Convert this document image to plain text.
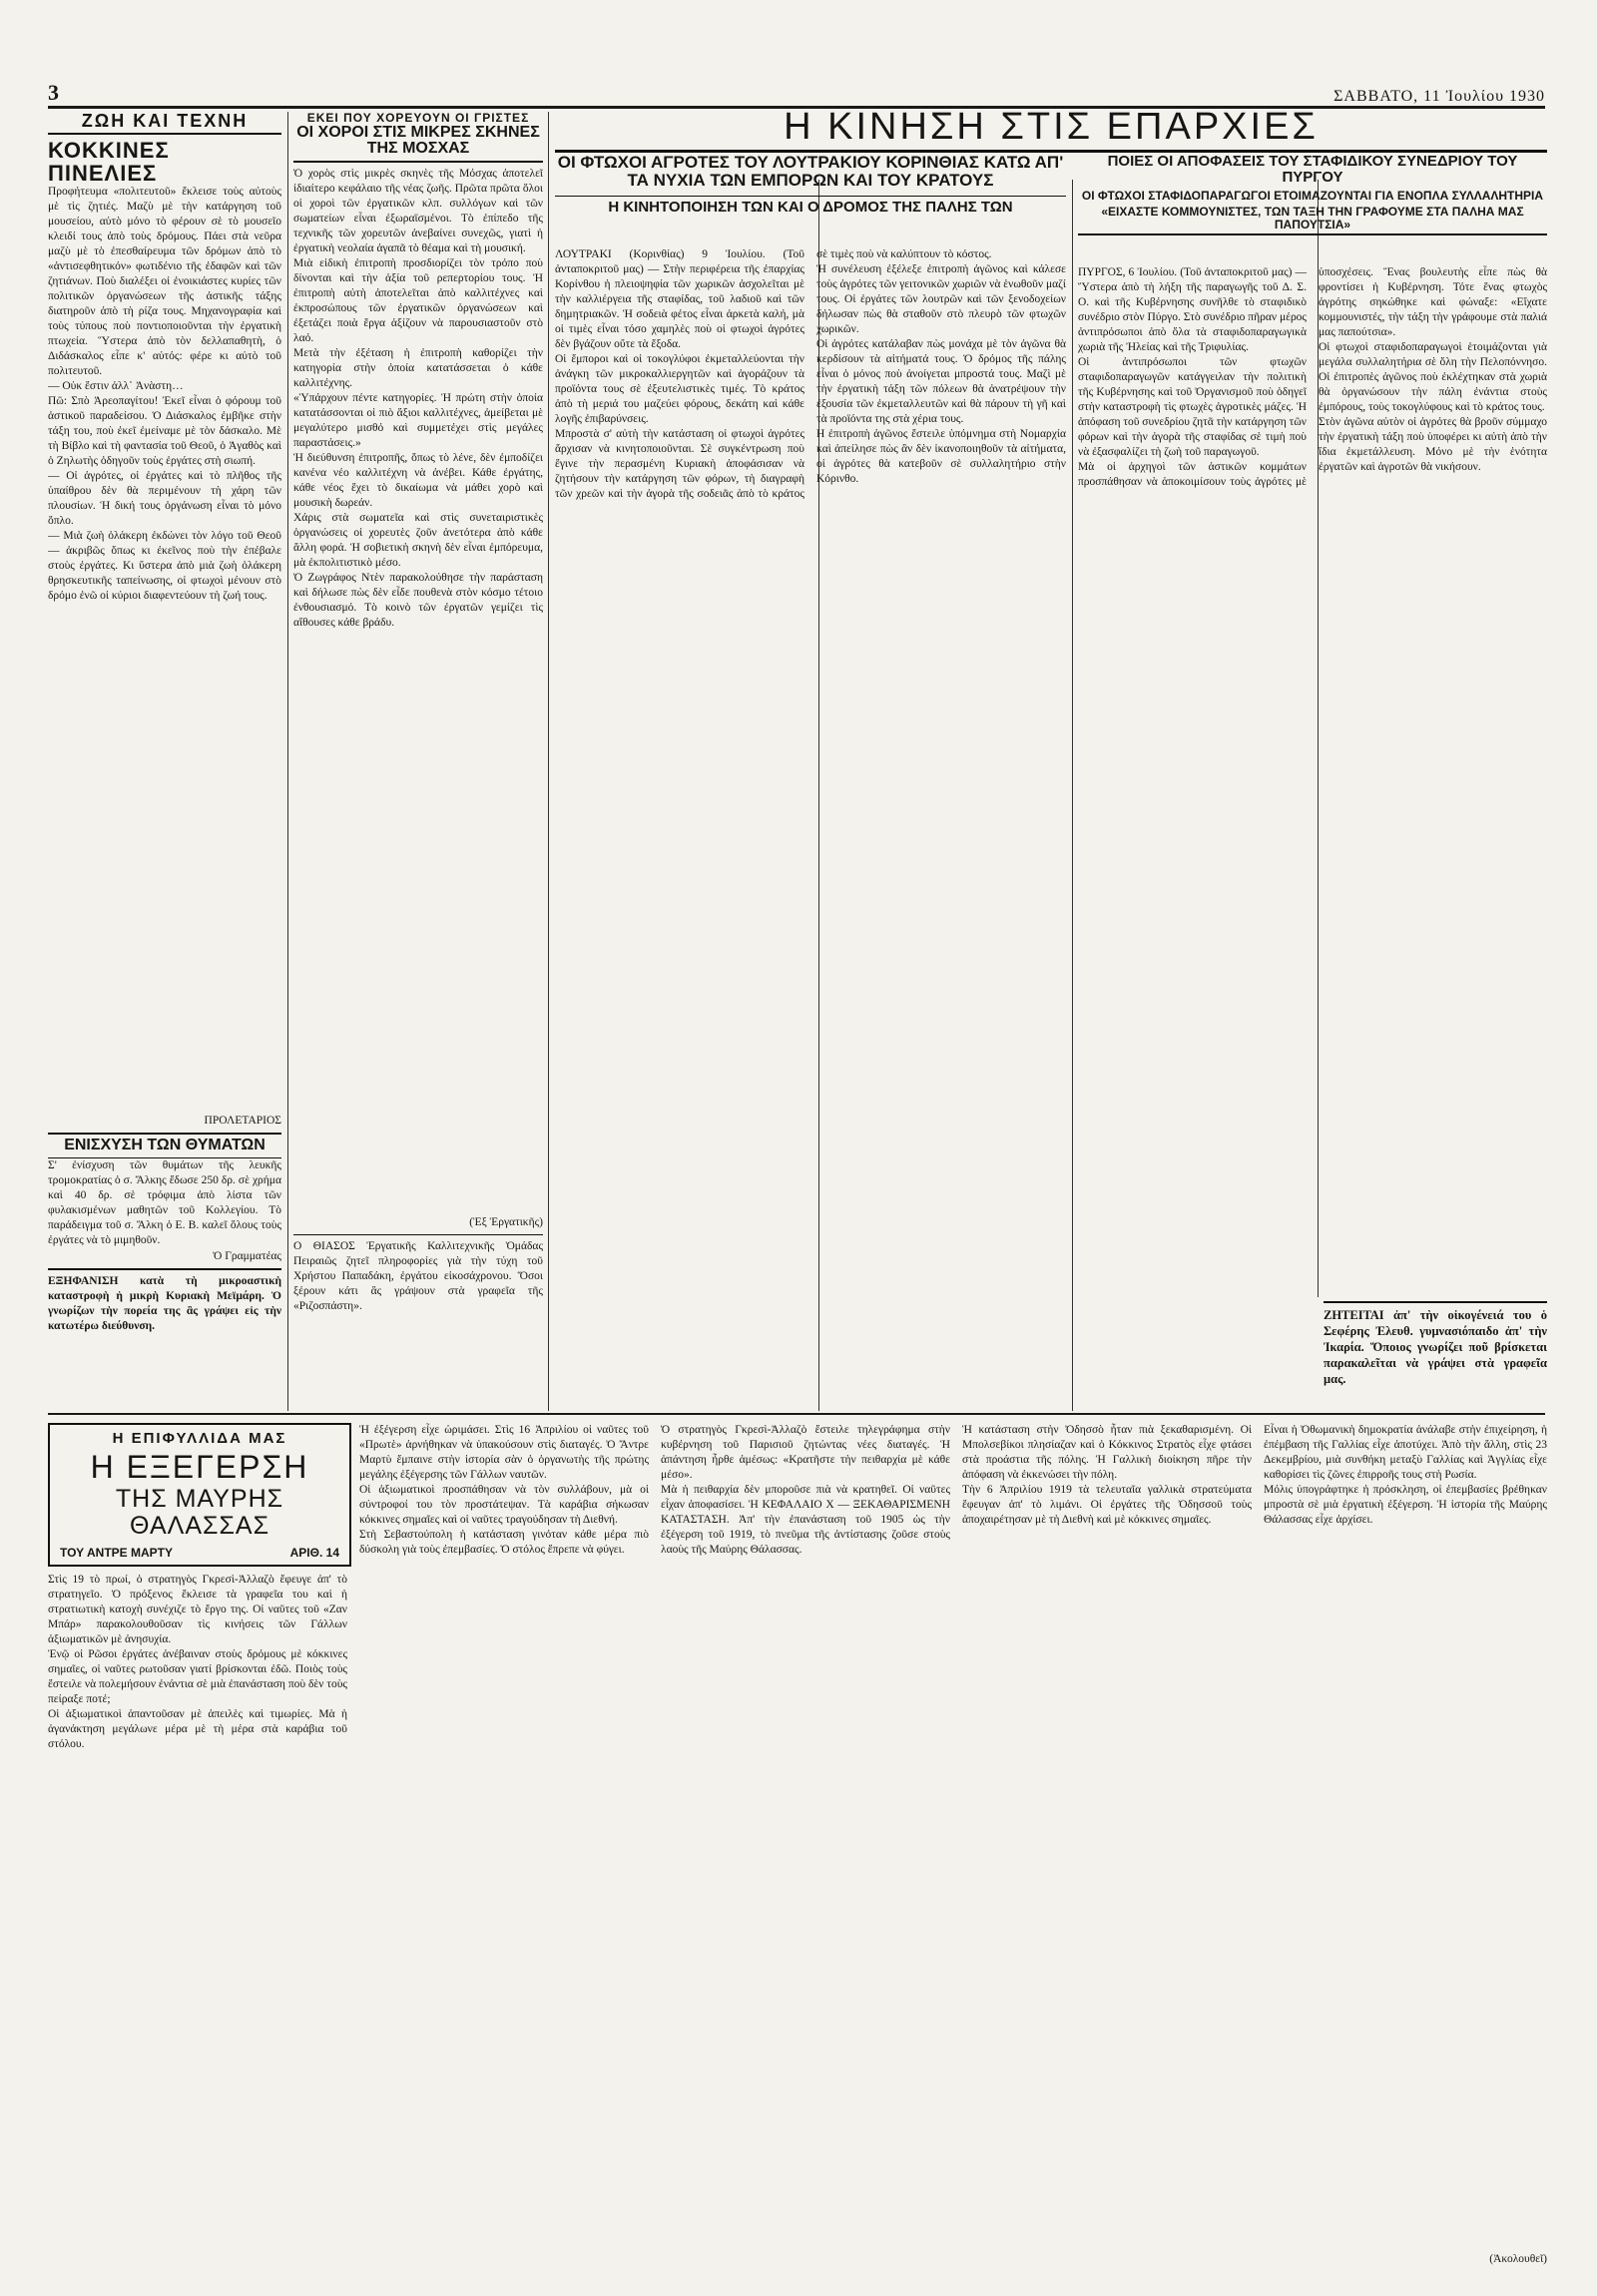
3	ΣΑΒΒΑΤΟ, 11 Ἰουλίου 1930
ΖΩΗ ΚΑΙ ΤΕΧΝΗ
ΚΟΚΚΙΝΕΣ ΠΙΝΕΛΙΕΣ

Προφήτευμα «πολιτευτοῦ» ἔκλεισε τοὺς αὐτοὺς μὲ τὶς ζητιές. Μαζὺ μὲ τὴν κατάργηση τοῦ μουσείου, αὐτὸ μόνο τὸ φέρουν σὲ τὸ μουσεῖο κλειδί τους ἀπὸ τοὺς δρόμους. Πάει στὰ νεῦρα μαζὺ μὲ τὸ ἐπεσθαίρευμα τῶν δρόμων ἀπὸ τὸ «ἀντισεφθητικόν» φωτιδένιο τῆς ἐδαφῶν καὶ τῶν ζητιάνων. Ποὺ διαλέξει οἱ ἐνοικιάστες κυρίες τῶν πολιτικῶν ὀργανώσεων τῆς ἀστικῆς τάξης διατηροῦν ἀπὸ τὴ ρίζα τους. Μηχανογραφία καὶ τοὺς τύπους ποὺ ποντιοποιοῦνται τὴν ἐργατικὴ πτωχεία. Ὕστερα ἀπὸ τὸν δελλαπαθητὴ, ὁ Διδάσκαλος εἶπε κ' αὐτός: φέρε κι αὐτὸ τοῦ πολιτευτοῦ.
— Οὐκ ἔστιν ἀλλ᾽ Ἀνὰστη…
Πῶ: Σπὸ Ἀρεοπαγίτου! Ἐκεῖ εἶναι ὁ φόρουμ τοῦ ἀστικοῦ παραδείσου. Ὁ Διάσκαλος ἐμβῆκε στὴν τάξη του, ποὺ ἐκεῖ ἐμείναμε μὲ τὸν δάσκαλο. Μὲ τὴ Βίβλο καὶ τὴ φαντασία τοῦ Θεοῦ, ὁ Ἀγαθὸς καὶ ὁ Ζηλωτὴς ὁδηγοῦν τοὺς ἐργάτες στὴ σιωπή.
— Οἱ ἀγρότες, οἱ ἐργάτες καὶ τὸ πλῆθος τῆς ὑπαίθρου δὲν θὰ περιμένουν τὴ χάρη τῶν πλουσίων. Ἡ δική τους ὀργάνωση εἶναι τὸ μόνο ὅπλο.
— Μιὰ ζωὴ ὁλάκερη ἐκδώνει τὸν λόγο τοῦ Θεοῦ — ἀκριβῶς ὅπως κι ἐκεῖνος ποὺ τὴν ἐπέβαλε στοὺς ἐργάτες. Κι ὕστερα ἀπὸ μιὰ ζωὴ ὁλάκερη θρησκευτικῆς ταπείνωσης, οἱ φτωχοὶ μένουν στὸ δρόμο ἐνῶ οἱ κύριοι διαφεντεύουν τὴ ζωή τους.

ΠΡΟΛΕΤΑΡΙΟΣ

ΕΝΙΣΧΥΣΗ ΤΩΝ ΘΥΜΑΤΩΝ

Σ' ἐνίσχυση τῶν θυμάτων τῆς λευκῆς τρομοκρατίας ὁ σ. Ἄλκης ἔδωσε 250 δρ. σὲ χρήμα καὶ 40 δρ. σὲ τρόφιμα ἀπὸ λίστα τῶν φυλακισμένων μαθητῶν τοῦ Κολλεγίου. Τὸ παράδειγμα τοῦ σ. Ἄλκη ὁ Ε. Β. καλεῖ ὅλους τοὺς ἐργάτες νὰ τὸ μιμηθοῦν.

Ὁ Γραμματέας

ΕΞΗΦΑΝΙΣΗ κατὰ τὴ μικροαστικὴ καταστροφὴ ἡ μικρὴ Κυριακὴ Μεϊμάρη. Ὁ γνωρίζων τὴν πορεία της ἃς γράψει εἰς τὴν κατωτέρω διεύθυνση.

ΕΚΕΙ ΠΟΥ ΧΟΡΕΥΟΥΝ ΟΙ ΓΡΙΣΤΕΣ

ΟΙ ΧΟΡΟΙ ΣΤΙΣ ΜΙΚΡΕΣ ΣΚΗΝΕΣ ΤΗΣ ΜΟΣΧΑΣ

Ὁ χορὸς στὶς μικρὲς σκηνὲς τῆς Μόσχας ἀποτελεῖ ἰδιαίτερο κεφάλαιο τῆς νέας ζωῆς. Πρῶτα πρῶτα ὅλοι οἱ χοροὶ τῶν ἐργατικῶν κλπ. συλλόγων καὶ τῶν σωματείων εἶναι ἐξωραϊσμένοι. Τὸ ἐπίπεδο τῆς τεχνικῆς τῶν χορευτῶν ἀνεβαίνει συνεχῶς, γιατὶ ἡ ἐργατικὴ νεολαία ἀγαπᾶ τὸ θέαμα καὶ τὴ μουσική.
Μιὰ εἰδικὴ ἐπιτροπὴ προσδιορίζει τὸν τρόπο ποὺ δίνονται καὶ τὴν ἀξία τοῦ ρεπερτορίου τους. Ἡ ἐπιτροπὴ αὐτὴ ἀποτελεῖται ἀπὸ καλλιτέχνες καὶ ἐκπροσώπους τῶν ἐργατικῶν ὀργανώσεων καὶ ἐξετάζει ποιὰ ἔργα ἀξίζουν νὰ παρουσιαστοῦν στὸ λαό.
Μετὰ τὴν ἐξέταση ἡ ἐπιτροπὴ καθορίζει τὴν κατηγορία στὴν ὁποία κατατάσσεται ὁ κάθε καλλιτέχνης.
«Ὑπάρχουν πέντε κατηγορίες. Ἡ πρώτη στὴν ὁποία κατατάσσονται οἱ πιὸ ἄξιοι καλλιτέχνες, ἀμείβεται μὲ μεγαλύτερο μισθό καὶ συμμετέχει στὶς μεγάλες παραστάσεις.»
Ἡ διεύθυνση ἐπιτροπῆς, ὅπως τὸ λένε, δὲν ἐμποδίζει κανένα νέο καλλιτέχνη νὰ ἀνέβει. Κάθε ἐργάτης, κάθε νέος ἔχει τὸ δικαίωμα νὰ μάθει χορὸ καὶ μουσικὴ δωρεάν.
Χάρις στὰ σωματεῖα καὶ στὶς συνεταιριστικὲς ὀργανώσεις οἱ χορευτὲς ζοῦν ἀνετότερα ἀπὸ κάθε ἄλλη φορά. Ἡ σοβιετικὴ σκηνὴ δὲν εἶναι ἐμπόρευμα, μὰ ἐκπολιτιστικὸ μέσο.
Ὁ Ζωγράφος Ντὲν παρακολούθησε τὴν παράσταση καὶ δήλωσε πὼς δὲν εἶδε πουθενὰ στὸν κόσμο τέτοιο ἐνθουσιασμό. Τὸ κοινὸ τῶν ἐργατῶν γεμίζει τὶς αἴθουσες κάθε βράδυ.

(Ἐξ Ἐργατικῆς)

Ο ΘΙΑΣΟΣ Ἐργατικῆς Καλλιτεχνικῆς Ὁμάδας Πειραιῶς ζητεῖ πληροφορίες γιὰ τὴν τύχη τοῦ Χρήστου Παπαδάκη, ἐργάτου εἰκοσάχρονου. Ὅσοι ξέρουν κάτι ἂς γράψουν στὰ γραφεῖα τῆς «Ριζοσπάστη».

Η ΚΙΝΗΣΗ ΣΤΙΣ ΕΠΑΡΧΙΕΣ
ΟΙ ΦΤΩΧΟΙ ΑΓΡΟΤΕΣ ΤΟΥ ΛΟΥΤΡΑΚΙΟΥ ΚΟΡΙΝΘΙΑΣ ΚΑΤΩ ΑΠ' ΤΑ ΝΥΧΙΑ ΤΩΝ ΕΜΠΟΡΩΝ ΚΑΙ ΤΟΥ ΚΡΑΤΟΥΣ
Η ΚΙΝΗΤΟΠΟΙΗΣΗ ΤΩΝ ΚΑΙ Ο ΔΡΟΜΟΣ ΤΗΣ ΠΑΛΗΣ ΤΩΝ

ΛΟΥΤΡΑΚΙ (Κορινθίας) 9 Ἰουλίου. (Τοῦ ἀνταποκριτοῦ μας) — Στὴν περιφέρεια τῆς ἐπαρχίας Κορίνθου ἡ πλειοψηφία τῶν χωρικῶν ἀσχολεῖται μὲ τὴν καλλιέργεια τῆς σταφίδας, τοῦ λαδιοῦ καὶ τῶν δημητριακῶν. Ἡ σοδειὰ φέτος εἶναι ἀρκετὰ καλή, μὰ οἱ τιμὲς εἶναι τόσο χαμηλὲς ποὺ οἱ φτωχοὶ ἀγρότες δὲν βγάζουν οὔτε τὰ ἔξοδα.
Οἱ ἔμποροι καὶ οἱ τοκογλύφοι ἐκμεταλλεύονται τὴν ἀνάγκη τῶν μικροκαλλιεργητῶν καὶ ἀγοράζουν τὰ προϊόντα τους σὲ ἐξευτελιστικὲς τιμές. Τὸ κράτος ἀπὸ τὴ μεριά του μαζεύει φόρους, δεκάτη καὶ κάθε λογῆς ἐπιβαρύνσεις.
Μπροστὰ σ' αὐτὴ τὴν κατάσταση οἱ φτωχοὶ ἀγρότες ἄρχισαν νὰ κινητοποιοῦνται. Σὲ συγκέντρωση ποὺ ἔγινε τὴν περασμένη Κυριακὴ ἀποφάσισαν νὰ ζητήσουν τὴν κατάργηση τῶν φόρων, τὴ διαγραφὴ τῶν χρεῶν καὶ τὴν ἀγορὰ τῆς σοδειᾶς ἀπὸ τὸ κράτος σὲ τιμὲς ποὺ νὰ καλύπτουν τὸ κόστος.
Ἡ συνέλευση ἐξέλεξε ἐπιτροπὴ ἀγῶνος καὶ κάλεσε τοὺς ἀγρότες τῶν γειτονικῶν χωριῶν νὰ ἑνωθοῦν μαζί τους. Οἱ ἐργάτες τῶν λουτρῶν καὶ τῶν ξενοδοχείων δήλωσαν πὼς θὰ σταθοῦν στὸ πλευρὸ τῶν φτωχῶν χωρικῶν.
Οἱ ἀγρότες κατάλαβαν πὼς μονάχα μὲ τὸν ἀγῶνα θὰ κερδίσουν τὰ αἰτήματά τους. Ὁ δρόμος τῆς πάλης εἶναι ὁ μόνος ποὺ ἀνοίγεται μπροστά τους. Μαζὶ μὲ τὴν ἐργατικὴ τάξη τῶν πόλεων θὰ ἀνατρέψουν τὴν ἐξουσία τῶν ἐκμεταλλευτῶν καὶ θὰ πάρουν τὴ γῆ καὶ τὰ προϊόντα της στὰ χέρια τους.
Η ἐπιτροπὴ ἀγῶνος ἔστειλε ὑπόμνημα στὴ Νομαρχία καὶ ἀπείλησε πὼς ἂν δὲν ἱκανοποιηθοῦν τὰ αἰτήματα, οἱ ἀγρότες θὰ κατεβοῦν σὲ συλλαλητήριο στὴν Κόρινθο.

ΠΟΙΕΣ ΟΙ ΑΠΟΦΑΣΕΙΣ ΤΟΥ ΣΤΑΦΙΔΙΚΟΥ ΣΥΝΕΔΡΙΟΥ ΤΟΥ ΠΥΡΓΟΥ
ΟΙ ΦΤΩΧΟΙ ΣΤΑΦΙΔΟΠΑΡΑΓΩΓΟΙ ΕΤΟΙΜΑΖΟΥΝΤΑΙ ΓΙΑ ΕΝΟΠΛΑ ΣΥΛΛΑΛΗΤΗΡΙΑ

«ΕΙΧΑΣΤΕ ΚΟΜΜΟΥΝΙΣΤΕΣ, ΤΩΝ ΤΑΞΗ ΤΗΝ ΓΡΑΦΟΥΜΕ ΣΤΑ ΠΑΛΗΑ ΜΑΣ ΠΑΠΟΥΤΣΙΑ»

ΠΥΡΓΟΣ, 6 Ἰουλίου. (Τοῦ ἀνταποκριτοῦ μας) — Ὕστερα ἀπὸ τὴ λήξη τῆς παραγωγῆς τοῦ Δ. Σ. Ο. καὶ τῆς Κυβέρνησης συνῆλθε τὸ σταφιδικὸ συνέδριο στὸν Πύργο. Στὸ συνέδριο πῆραν μέρος ἀντιπρόσωποι ἀπὸ ὅλα τὰ σταφιδοπαραγωγικὰ χωριὰ τῆς Ἠλείας καὶ τῆς Τριφυλίας.
Οἱ ἀντιπρόσωποι τῶν φτωχῶν σταφιδοπαραγωγῶν κατάγγειλαν τὴν πολιτικὴ τῆς Κυβέρνησης καὶ τοῦ Ὀργανισμοῦ ποὺ ὁδηγεῖ στὴν καταστροφὴ τὶς φτωχὲς ἀγροτικὲς μάζες. Ἡ ἀπόφαση τοῦ συνεδρίου ζητᾶ τὴν κατάργηση τῶν φόρων καὶ τὴν ἀγορὰ τῆς σταφίδας σὲ τιμὴ ποὺ νὰ ἐξασφαλίζει τὴ ζωὴ τοῦ παραγωγοῦ.
Μὰ οἱ ἀρχηγοὶ τῶν ἀστικῶν κομμάτων προσπάθησαν νὰ ἀποκοιμίσουν τοὺς ἀγρότες μὲ ὑποσχέσεις. Ἕνας βουλευτὴς εἶπε πὼς θὰ φροντίσει ἡ Κυβέρνηση. Τότε ἕνας φτωχὸς ἀγρότης σηκώθηκε καὶ φώναξε: «Εἴχατε κομμουνιστές, τὴν τάξη τὴν γράφουμε στὰ παλιά μας παπούτσια».
Οἱ φτωχοὶ σταφιδοπαραγωγοὶ ἑτοιμάζονται γιὰ μεγάλα συλλαλητήρια σὲ ὅλη τὴν Πελοπόννησο. Οἱ ἐπιτροπὲς ἀγῶνος ποὺ ἐκλέχτηκαν στὰ χωριὰ θὰ ὀργανώσουν τὴν πάλη ἐνάντια στοὺς ἐμπόρους, τοὺς τοκογλύφους καὶ τὸ κράτος τους.
Στὸν ἀγῶνα αὐτὸν οἱ ἀγρότες θὰ βροῦν σύμμαχο τὴν ἐργατικὴ τάξη ποὺ ὑποφέρει κι αὐτὴ ἀπὸ τὴν ἴδια ἐκμετάλλευση. Μόνο μὲ τὴν ἑνότητα ἐργατῶν καὶ ἀγροτῶν θὰ νικήσουν.

ΖΗΤΕΙΤΑΙ ἀπ' τὴν οἰκογένειά του ὁ Σεφέρης Ἐλευθ. γυμνασιόπαιδο ἀπ' τὴν Ἰκαρία. Ὅποιος γνωρίζει ποῦ βρίσκεται παρακαλεῖται νὰ γράψει στὰ γραφεῖα μας.

Η ΕΠΙΦΥΛΛΙΔΑ ΜΑΣ

Η ΕΞΕΓΕΡΣΗ

ΤΗΣ ΜΑΥΡΗΣ ΘΑΛΑΣΣΑΣ

ΤΟΥ ΑΝΤΡΕ ΜΑΡΤΥ	ΑΡΙΘ. 14

Στὶς 19 τὸ πρωί, ὁ στρατηγὸς Γκρεσὶ-Ἀλλαζὸ ἔφευγε ἀπ' τὸ στρατηγεῖο. Ὁ πρόξενος ἔκλεισε τὰ γραφεῖα του καὶ ἡ στρατιωτικὴ κατοχὴ συνέχιζε τὸ ἔργο της. Οἱ ναῦτες τοῦ «Ζαν Μπάρ» παρακολουθοῦσαν τὶς κινήσεις τῶν Γάλλων ἀξιωματικῶν μὲ ἀνησυχία.
Ἐνῷ οἱ Ρῶσοι ἐργάτες ἀνέβαιναν στοὺς δρόμους μὲ κόκκινες σημαῖες, οἱ ναῦτες ρωτοῦσαν γιατί βρίσκονται ἐδῶ. Ποιὸς τοὺς ἔστειλε νὰ πολεμήσουν ἐνάντια σὲ μιὰ ἐπανάσταση ποὺ δὲν τοὺς πείραξε ποτέ;
Οἱ ἀξιωματικοὶ ἀπαντοῦσαν μὲ ἀπειλὲς καὶ τιμωρίες. Μὰ ἡ ἀγανάκτηση μεγάλωνε μέρα μὲ τὴ μέρα στὰ καράβια τοῦ στόλου.

Ἡ ἐξέγερση εἶχε ὡριμάσει. Στὶς 16 Ἀπριλίου οἱ ναῦτες τοῦ «Πρωτὲ» ἀρνήθηκαν νὰ ὑπακούσουν στὶς διαταγές. Ὁ Ἄντρε Μαρτὺ ἔμπαινε στὴν ἱστορία σὰν ὁ ὀργανωτὴς τῆς πρώτης μεγάλης ἐξέγερσης τῶν Γάλλων ναυτῶν.
Οἱ ἀξιωματικοὶ προσπάθησαν νὰ τὸν συλλάβουν, μὰ οἱ σύντροφοί του τὸν προστάτεψαν. Τὰ καράβια σήκωσαν κόκκινες σημαῖες καὶ οἱ ναῦτες τραγούδησαν τὴ Διεθνή.
Στὴ Σεβαστούπολη ἡ κατάσταση γινόταν κάθε μέρα πιὸ δύσκολη γιὰ τοὺς ἐπεμβασίες. Ὁ στόλος ἔπρεπε νὰ φύγει.

Ὁ στρατηγὸς Γκρεσὶ-Ἀλλαζὸ ἔστειλε τηλεγράφημα στὴν κυβέρνηση τοῦ Παρισιοῦ ζητώντας νέες διαταγές. Ἡ ἀπάντηση ἦρθε ἀμέσως: «Κρατῆστε τὴν πειθαρχία μὲ κάθε μέσο».
Μὰ ἡ πειθαρχία δὲν μποροῦσε πιὰ νὰ κρατηθεῖ. Οἱ ναῦτες εἶχαν ἀποφασίσει. Ἡ ΚΕΦΑΛΑΙΟ Χ — ΞΕΚΑΘΑΡΙΣΜΕΝΗ ΚΑΤΑΣΤΑΣΗ. Ἀπ' τὴν ἐπανάσταση τοῦ 1905 ὡς τὴν ἐξέγερση τοῦ 1919, τὸ πνεῦμα τῆς ἀντίστασης ζοῦσε στοὺς λαοὺς τῆς Μαύρης Θάλασσας.

Ἡ κατάσταση στὴν Ὀδησσὸ ἦταν πιὰ ξεκαθαρισμένη. Οἱ Μπολσεβίκοι πλησίαζαν καὶ ὁ Κόκκινος Στρατὸς εἶχε φτάσει στὰ προάστια τῆς πόλης. Ἡ Γαλλικὴ διοίκηση πῆρε τὴν ἀπόφαση νὰ ἐκκενώσει τὴν πόλη.
Τὴν 6 Ἀπριλίου 1919 τὰ τελευταῖα γαλλικὰ στρατεύματα ἔφευγαν ἀπ' τὸ λιμάνι. Οἱ ἐργάτες τῆς Ὀδησσοῦ τοὺς ἀποχαιρέτησαν μὲ τὴ Διεθνὴ καὶ μὲ κόκκινες σημαῖες.

Εἶναι ἡ Ὀθωμανικὴ δημοκρατία ἀνάλαβε στὴν ἐπιχείρηση, ἡ ἐπέμβαση τῆς Γαλλίας εἶχε ἀποτύχει. Ἀπὸ τὴν ἄλλη, στὶς 23 Δεκεμβρίου, μιὰ συνθήκη μεταξὺ Γαλλίας καὶ Ἀγγλίας εἶχε καθορίσει τὶς ζῶνες ἐπιρροῆς τους στὴ Ρωσία.
Μόλις ὑπογράφτηκε ἡ πρόσκληση, οἱ ἐπεμβασίες βρέθηκαν μπροστὰ σὲ μιὰ ἐργατικὴ ἐξέγερση. Ἡ ἱστορία τῆς Μαύρης Θάλασσας εἶχε ἀρχίσει.

(Ἀκολουθεῖ)
